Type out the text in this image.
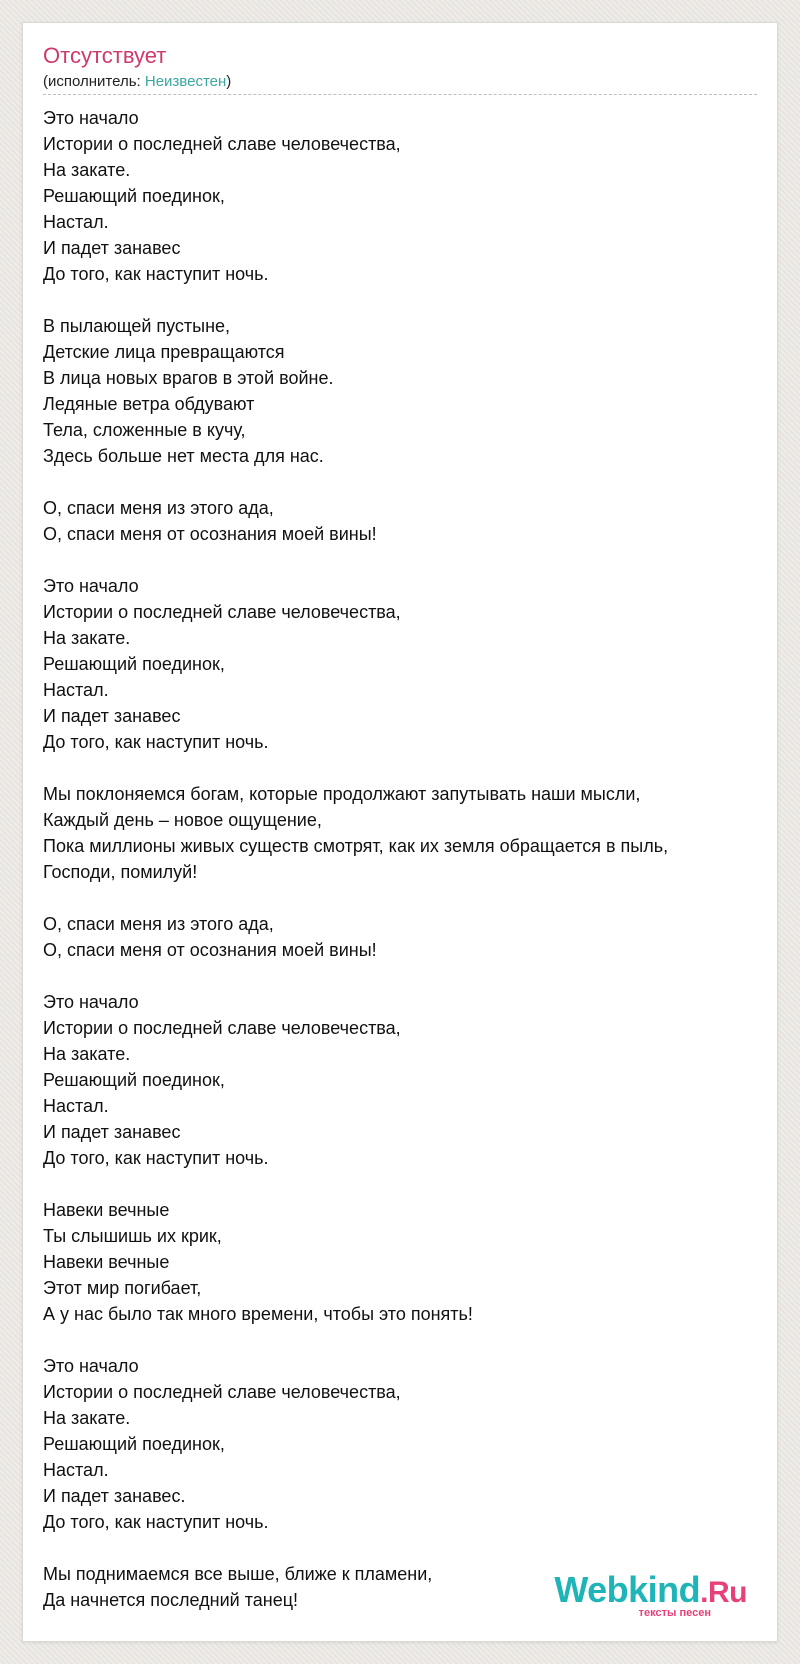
Отсутствует
(исполнитель: Неизвестен)
Это начало
Истории о последней славе человечества,
На закате.
Решающий поединок,
Настал.
И падет занавес
До того, как наступит ночь.
В пылающей пустыне,
Детские лица превращаются
В лица новых врагов в этой войне.
Ледяные ветра обдувают
Тела, сложенные в кучу,
Здесь больше нет места для нас.
О, спаси меня из этого ада,
О, спаси меня от осознания моей вины!
Это начало
Истории о последней славе человечества,
На закате.
Решающий поединок,
Настал.
И падет занавес
До того, как наступит ночь.
Мы поклоняемся богам, которые продолжают запутывать наши мысли,
Каждый день – новое ощущение,
Пока миллионы живых существ смотрят, как их земля обращается в пыль,
Господи, помилуй!
О, спаси меня из этого ада,
О, спаси меня от осознания моей вины!
Это начало
Истории о последней славе человечества,
На закате.
Решающий поединок,
Настал.
И падет занавес
До того, как наступит ночь.
Навеки вечные
Ты слышишь их крик,
Навеки вечные
Этот мир погибает,
А у нас было так много времени, чтобы это понять!
Это начало
Истории о последней славе человечества,
На закате.
Решающий поединок,
Настал.
И падет занавес.
До того, как наступит ночь.
Мы поднимаемся все выше, ближе к пламени,
Да начнется последний танец!	Webkind.Ru
тексты песен
